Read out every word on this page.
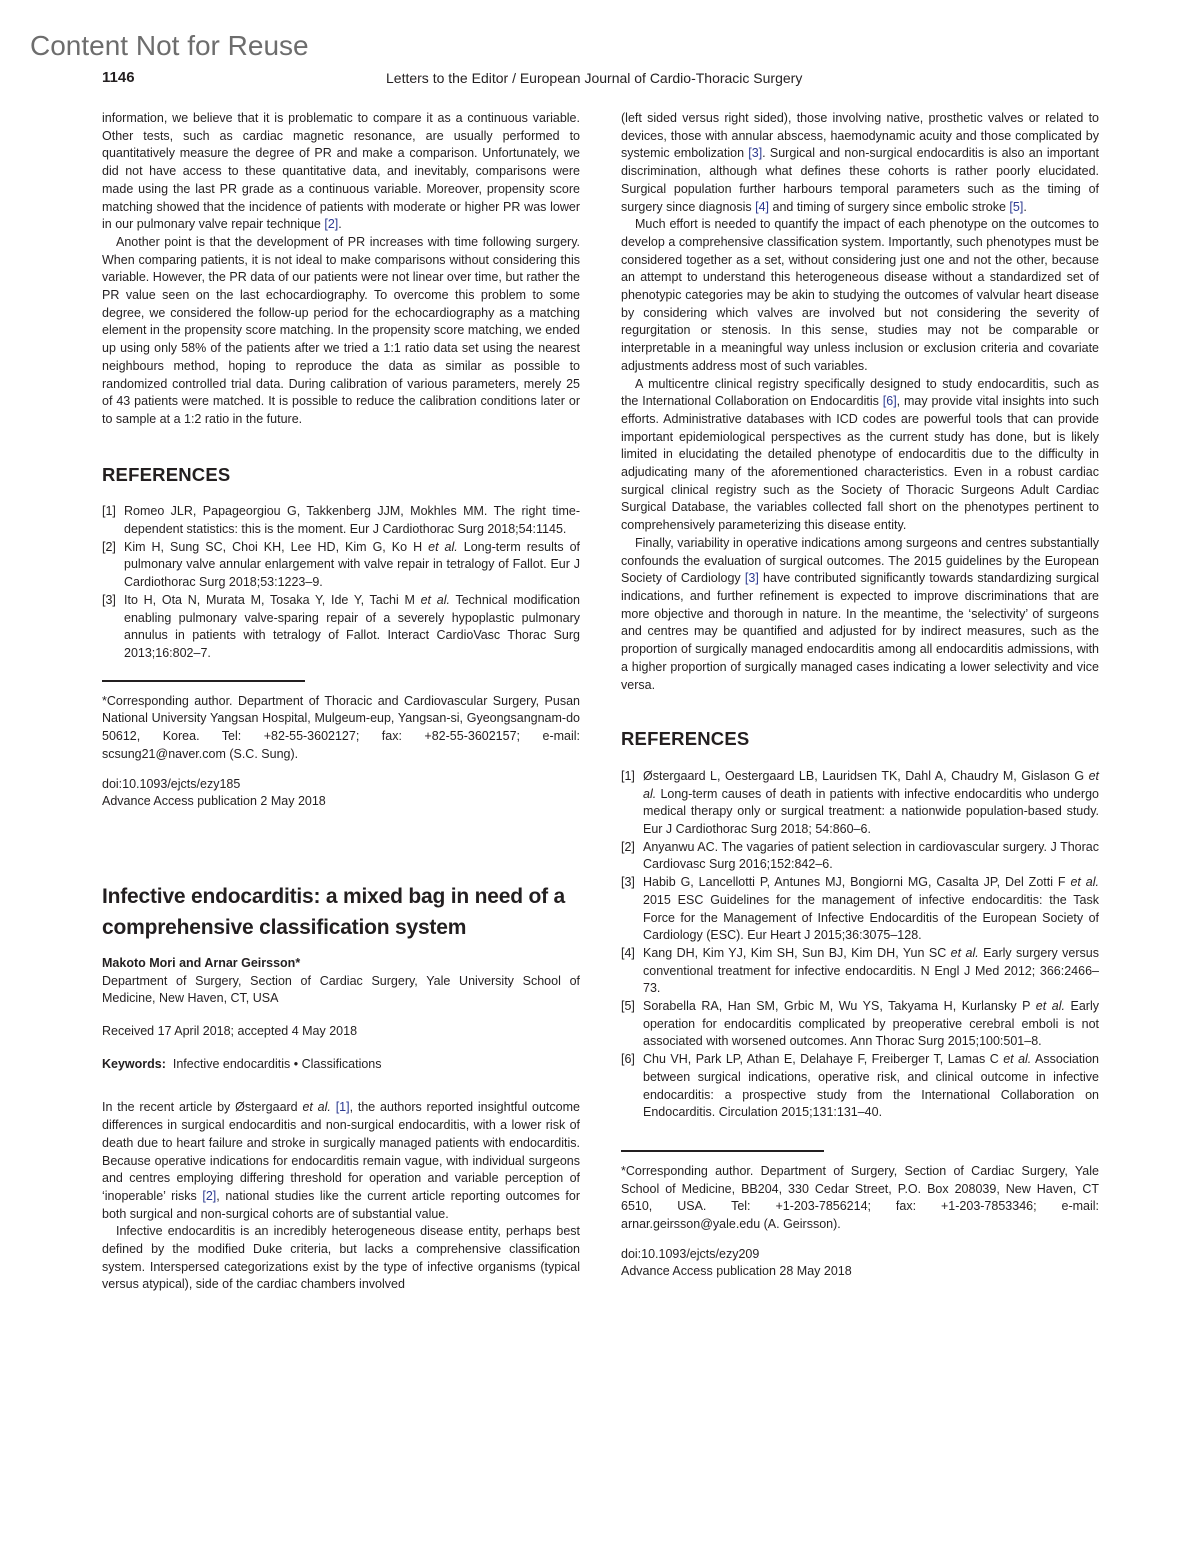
Content Not for Reuse
1146	Letters to the Editor / European Journal of Cardio-Thoracic Surgery

information, we believe that it is problematic to compare it as a continuous variable. Other tests, such as cardiac magnetic resonance, are usually performed to quantitatively measure the degree of PR and make a comparison. Unfortunately, we did not have access to these quantitative data, and inevitably, comparisons were made using the last PR grade as a continuous variable. Moreover, propensity score matching showed that the incidence of patients with moderate or higher PR was lower in our pulmonary valve repair technique [2].

Another point is that the development of PR increases with time following surgery. When comparing patients, it is not ideal to make comparisons without considering this variable. However, the PR data of our patients were not linear over time, but rather the PR value seen on the last echocardiography. To overcome this problem to some degree, we considered the follow-up period for the echocardiography as a matching element in the propensity score matching. In the propensity score matching, we ended up using only 58% of the patients after we tried a 1:1 ratio data set using the nearest neighbours method, hoping to reproduce the data as similar as possible to randomized controlled trial data. During calibration of various parameters, merely 25 of 43 patients were matched. It is possible to reduce the calibration conditions later or to sample at a 1:2 ratio in the future.

REFERENCES
[1] Romeo JLR, Papageorgiou G, Takkenberg JJM, Mokhles MM. The right time-dependent statistics: this is the moment. Eur J Cardiothorac Surg 2018;54:1145.
[2] Kim H, Sung SC, Choi KH, Lee HD, Kim G, Ko H et al. Long-term results of pulmonary valve annular enlargement with valve repair in tetralogy of Fallot. Eur J Cardiothorac Surg 2018;53:1223–9.
[3] Ito H, Ota N, Murata M, Tosaka Y, Ide Y, Tachi M et al. Technical modification enabling pulmonary valve-sparing repair of a severely hypoplastic pulmonary annulus in patients with tetralogy of Fallot. Interact CardioVasc Thorac Surg 2013;16:802–7.

*Corresponding author. Department of Thoracic and Cardiovascular Surgery, Pusan National University Yangsan Hospital, Mulgeum-eup, Yangsan-si, Gyeongsangnam-do 50612, Korea. Tel: +82-55-3602127; fax: +82-55-3602157; e-mail: scsung21@naver.com (S.C. Sung).

doi:10.1093/ejcts/ezy185

Advance Access publication 2 May 2018

Infective endocarditis: a mixed bag in need of a comprehensive classification system

Makoto Mori and Arnar Geirsson*

Department of Surgery, Section of Cardiac Surgery, Yale University School of Medicine, New Haven, CT, USA

Received 17 April 2018; accepted 4 May 2018

Keywords: Infective endocarditis • Classifications

In the recent article by Østergaard et al. [1], the authors reported insightful outcome differences in surgical endocarditis and non-surgical endocarditis, with a lower risk of death due to heart failure and stroke in surgically managed patients with endocarditis. Because operative indications for endocarditis remain vague, with individual surgeons and centres employing differing threshold for operation and variable perception of ‘inoperable’ risks [2], national studies like the current article reporting outcomes for both surgical and non-surgical cohorts are of substantial value.

Infective endocarditis is an incredibly heterogeneous disease entity, perhaps best defined by the modified Duke criteria, but lacks a comprehensive classification system. Interspersed categorizations exist by the type of infective organisms (typical versus atypical), side of the cardiac chambers involved

(left sided versus right sided), those involving native, prosthetic valves or related to devices, those with annular abscess, haemodynamic acuity and those complicated by systemic embolization [3]. Surgical and non-surgical endocarditis is also an important discrimination, although what defines these cohorts is rather poorly elucidated. Surgical population further harbours temporal parameters such as the timing of surgery since diagnosis [4] and timing of surgery since embolic stroke [5].

Much effort is needed to quantify the impact of each phenotype on the outcomes to develop a comprehensive classification system. Importantly, such phenotypes must be considered together as a set, without considering just one and not the other, because an attempt to understand this heterogeneous disease without a standardized set of phenotypic categories may be akin to studying the outcomes of valvular heart disease by considering which valves are involved but not considering the severity of regurgitation or stenosis. In this sense, studies may not be comparable or interpretable in a meaningful way unless inclusion or exclusion criteria and covariate adjustments address most of such variables.

A multicentre clinical registry specifically designed to study endocarditis, such as the International Collaboration on Endocarditis [6], may provide vital insights into such efforts. Administrative databases with ICD codes are powerful tools that can provide important epidemiological perspectives as the current study has done, but is likely limited in elucidating the detailed phenotype of endocarditis due to the difficulty in adjudicating many of the aforementioned characteristics. Even in a robust cardiac surgical clinical registry such as the Society of Thoracic Surgeons Adult Cardiac Surgical Database, the variables collected fall short on the phenotypes pertinent to comprehensively parameterizing this disease entity.

Finally, variability in operative indications among surgeons and centres substantially confounds the evaluation of surgical outcomes. The 2015 guidelines by the European Society of Cardiology [3] have contributed significantly towards standardizing surgical indications, and further refinement is expected to improve discriminations that are more objective and thorough in nature. In the meantime, the ‘selectivity’ of surgeons and centres may be quantified and adjusted for by indirect measures, such as the proportion of surgically managed endocarditis among all endocarditis admissions, with a higher proportion of surgically managed cases indicating a lower selectivity and vice versa.

REFERENCES
[1] Østergaard L, Oestergaard LB, Lauridsen TK, Dahl A, Chaudry M, Gislason G et al. Long-term causes of death in patients with infective endocarditis who undergo medical therapy only or surgical treatment: a nationwide population-based study. Eur J Cardiothorac Surg 2018; 54:860–6.
[2] Anyanwu AC. The vagaries of patient selection in cardiovascular surgery. J Thorac Cardiovasc Surg 2016;152:842–6.
[3] Habib G, Lancellotti P, Antunes MJ, Bongiorni MG, Casalta JP, Del Zotti F et al. 2015 ESC Guidelines for the management of infective endocarditis: the Task Force for the Management of Infective Endocarditis of the European Society of Cardiology (ESC). Eur Heart J 2015;36:3075–128.
[4] Kang DH, Kim YJ, Kim SH, Sun BJ, Kim DH, Yun SC et al. Early surgery versus conventional treatment for infective endocarditis. N Engl J Med 2012; 366:2466–73.
[5] Sorabella RA, Han SM, Grbic M, Wu YS, Takyama H, Kurlansky P et al. Early operation for endocarditis complicated by preoperative cerebral emboli is not associated with worsened outcomes. Ann Thorac Surg 2015;100:501–8.
[6] Chu VH, Park LP, Athan E, Delahaye F, Freiberger T, Lamas C et al. Association between surgical indications, operative risk, and clinical outcome in infective endocarditis: a prospective study from the International Collaboration on Endocarditis. Circulation 2015;131:131–40.

*Corresponding author. Department of Surgery, Section of Cardiac Surgery, Yale School of Medicine, BB204, 330 Cedar Street, P.O. Box 208039, New Haven, CT 6510, USA. Tel: +1-203-7856214; fax: +1-203-7853346; e-mail: arnar.geirsson@yale.edu (A. Geirsson).

doi:10.1093/ejcts/ezy209

Advance Access publication 28 May 2018
